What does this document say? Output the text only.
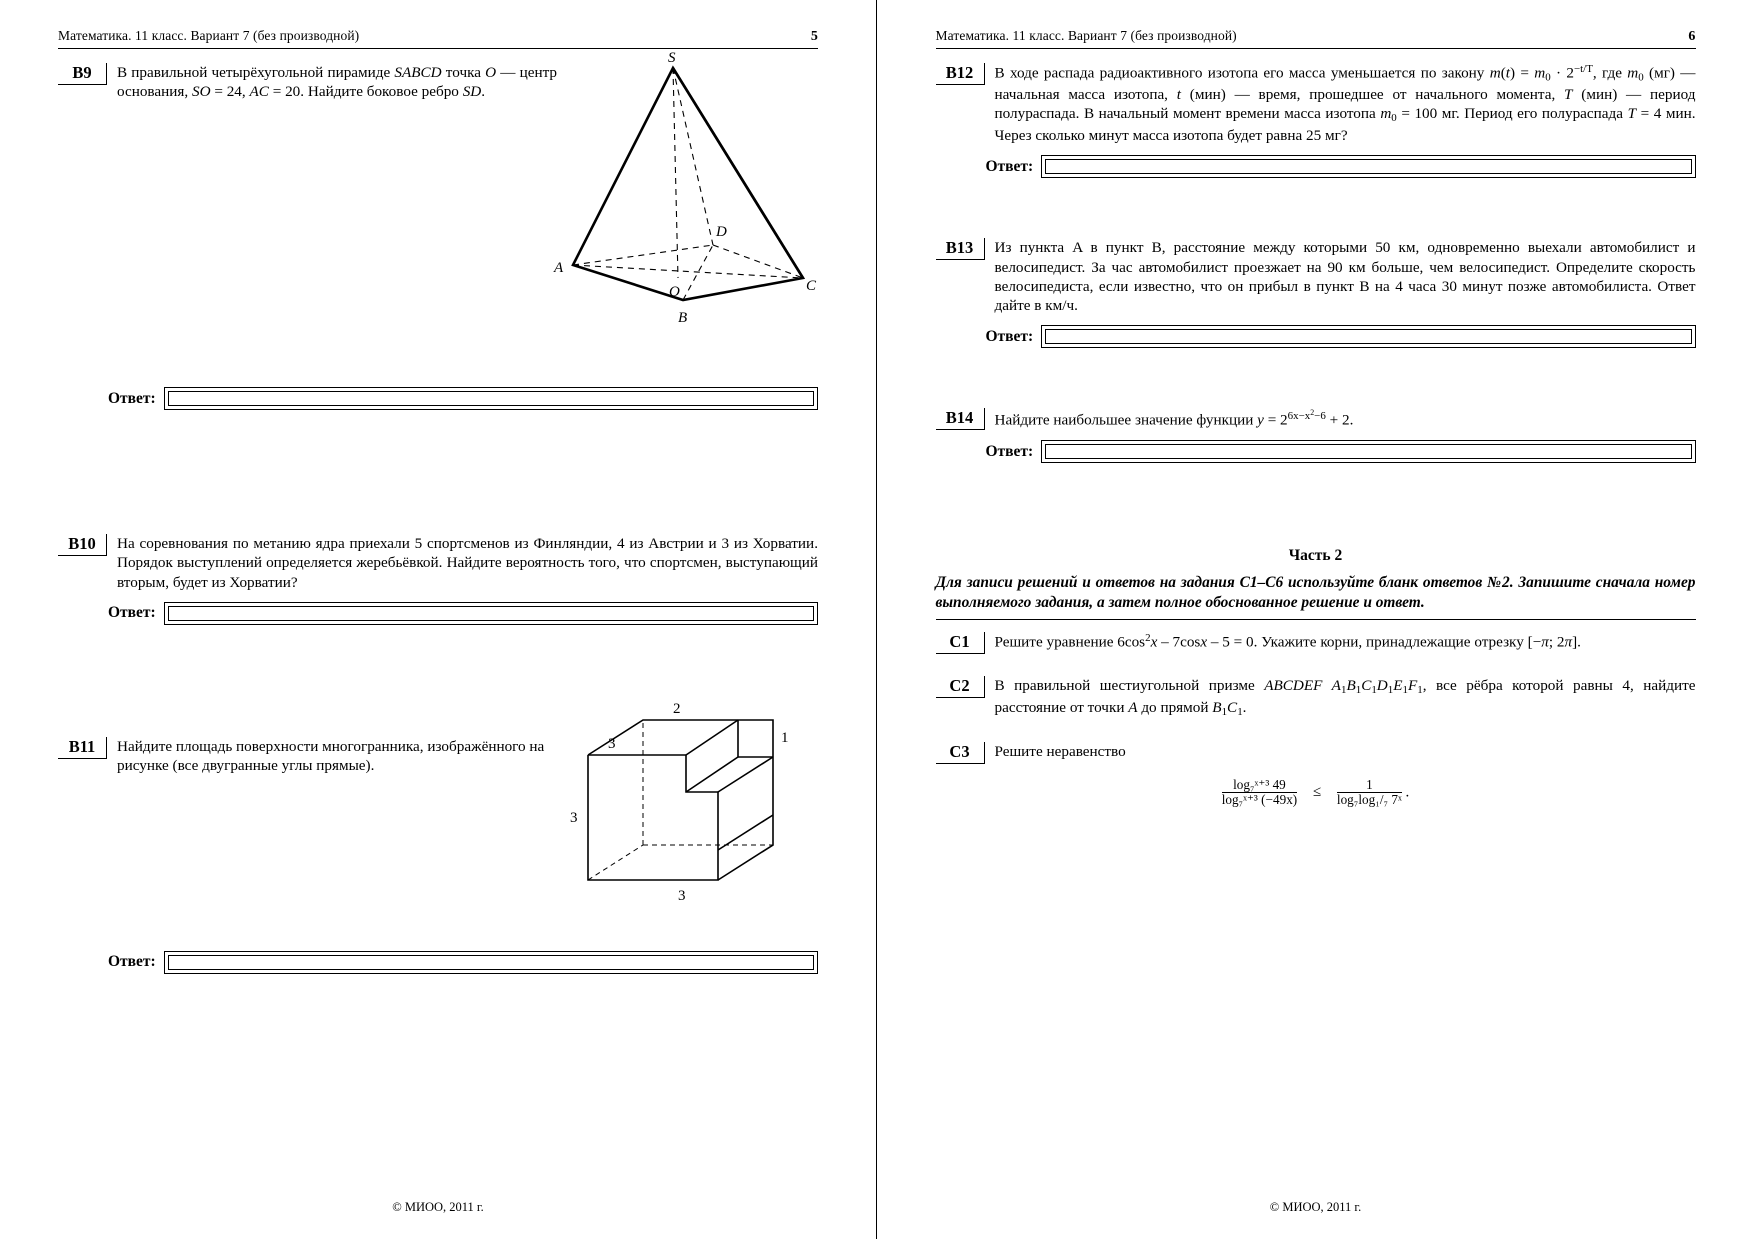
Математика. 11 класс. Вариант 7 (без производной)	5
B9	В правильной четырёхугольной пирамиде SABCD точка O — центр основания, SO = 24, AC = 20. Найдите боковое ребро SD.
S
D
A
O	C
B
Ответ:
B10	На соревнования по метанию ядра приехали 5 спортсменов из Финляндии, 4 из Австрии и 3 из Хорватии. Порядок выступлений определяется жеребьёвкой. Найдите вероятность того, что спортсмен, выступающий вторым, будет из Хорватии?
Ответ:
B11	Найдите площадь поверхности многогранника, изображённого на рисунке (все двугранные углы прямые).
2
3	1
3
3
Ответ:
© МИОО, 2011 г.
Математика. 11 класс. Вариант 7 (без производной)	6
B12	В ходе распада радиоактивного изотопа его масса уменьшается по закону $m(t) = m_0 \cdot 2^{-t/T}$, где $m_0$ (мг) — начальная масса изотопа, t (мин) — время, прошедшее от начального момента, T (мин) — период полураспада. В начальный момент времени масса изотопа $m_0 = 100$ мг. Период его полураспада T = 4 мин. Через сколько минут масса изотопа будет равна 25 мг?
Ответ:
B13	Из пункта A в пункт B, расстояние между которыми 50 км, одновременно выехали автомобилист и велосипедист. За час автомобилист проезжает на 90 км больше, чем велосипедист. Определите скорость велосипедиста, если известно, что он прибыл в пункт B на 4 часа 30 минут позже автомобилиста. Ответ дайте в км/ч.
Ответ:
B14	Найдите наибольшее значение функции $y = 2^{6x-x^2-6} + 2$.
Ответ:
Часть 2
Для записи решений и ответов на задания C1–C6 используйте бланк ответов №2. Запишите сначала номер выполняемого задания, а затем полное обоснованное решение и ответ.
C1	Решите уравнение $6\cos^2x - 7\cos x - 5 = 0$. Укажите корни, принадлежащие отрезку [−π; 2π].
C2	В правильной шестиугольной призме ABCDEF $A_1B_1C_1D_1E_1F_1$, все рёбра которой равны 4, найдите расстояние от точки A до прямой $B_1C_1$.
C3	Решите неравенство
$\frac{\text{log₇ˣ⁺³ 49}}{\text{log₇ˣ⁺³ (−49x)}} \le \frac{1}{\text{log₇log₁/₇ 7ˣ}}$ .
© МИОО, 2011 г.
